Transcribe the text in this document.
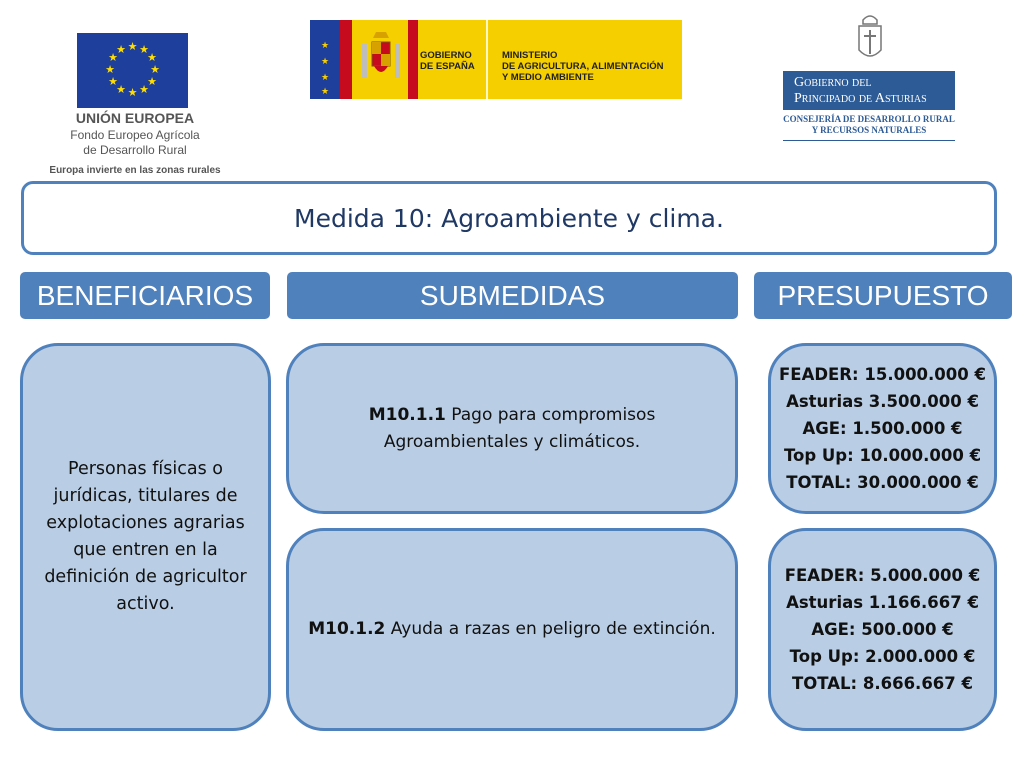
★ ★
★
★
★
★
★
★
★
★
★
★
UNIÓN EUROPEA
Fondo Europeo Agrícola
de Desarrollo Rural
Europa invierte en las zonas rurales
★
★
★
★
GOBIERNO
DE ESPAÑA
MINISTERIO
DE AGRICULTURA, ALIMENTACIÓN
Y MEDIO AMBIENTE	Gobierno del
Principado de Asturias
CONSEJERÍA DE DESARROLLO RURAL
Y RECURSOS NATURALES
Medida 10: Agroambiente y clima.
BENEFICIARIOS	SUBMEDIDAS	PRESUPUESTO
Personas físicas o jurídicas, titulares de explotaciones agrarias que entren en la definición de agricultor activo.
M10.1.1 Pago para compromisos Agroambientales y climáticos.
M10.1.2 Ayuda a razas en peligro de extinción.
FEADER: 15.000.000 €
Asturias 3.500.000 €
AGE: 1.500.000 €
Top Up: 10.000.000 €
TOTAL: 30.000.000 €
FEADER: 5.000.000 €
Asturias 1.166.667 €
AGE: 500.000 €
Top Up: 2.000.000 €
TOTAL: 8.666.667 €
